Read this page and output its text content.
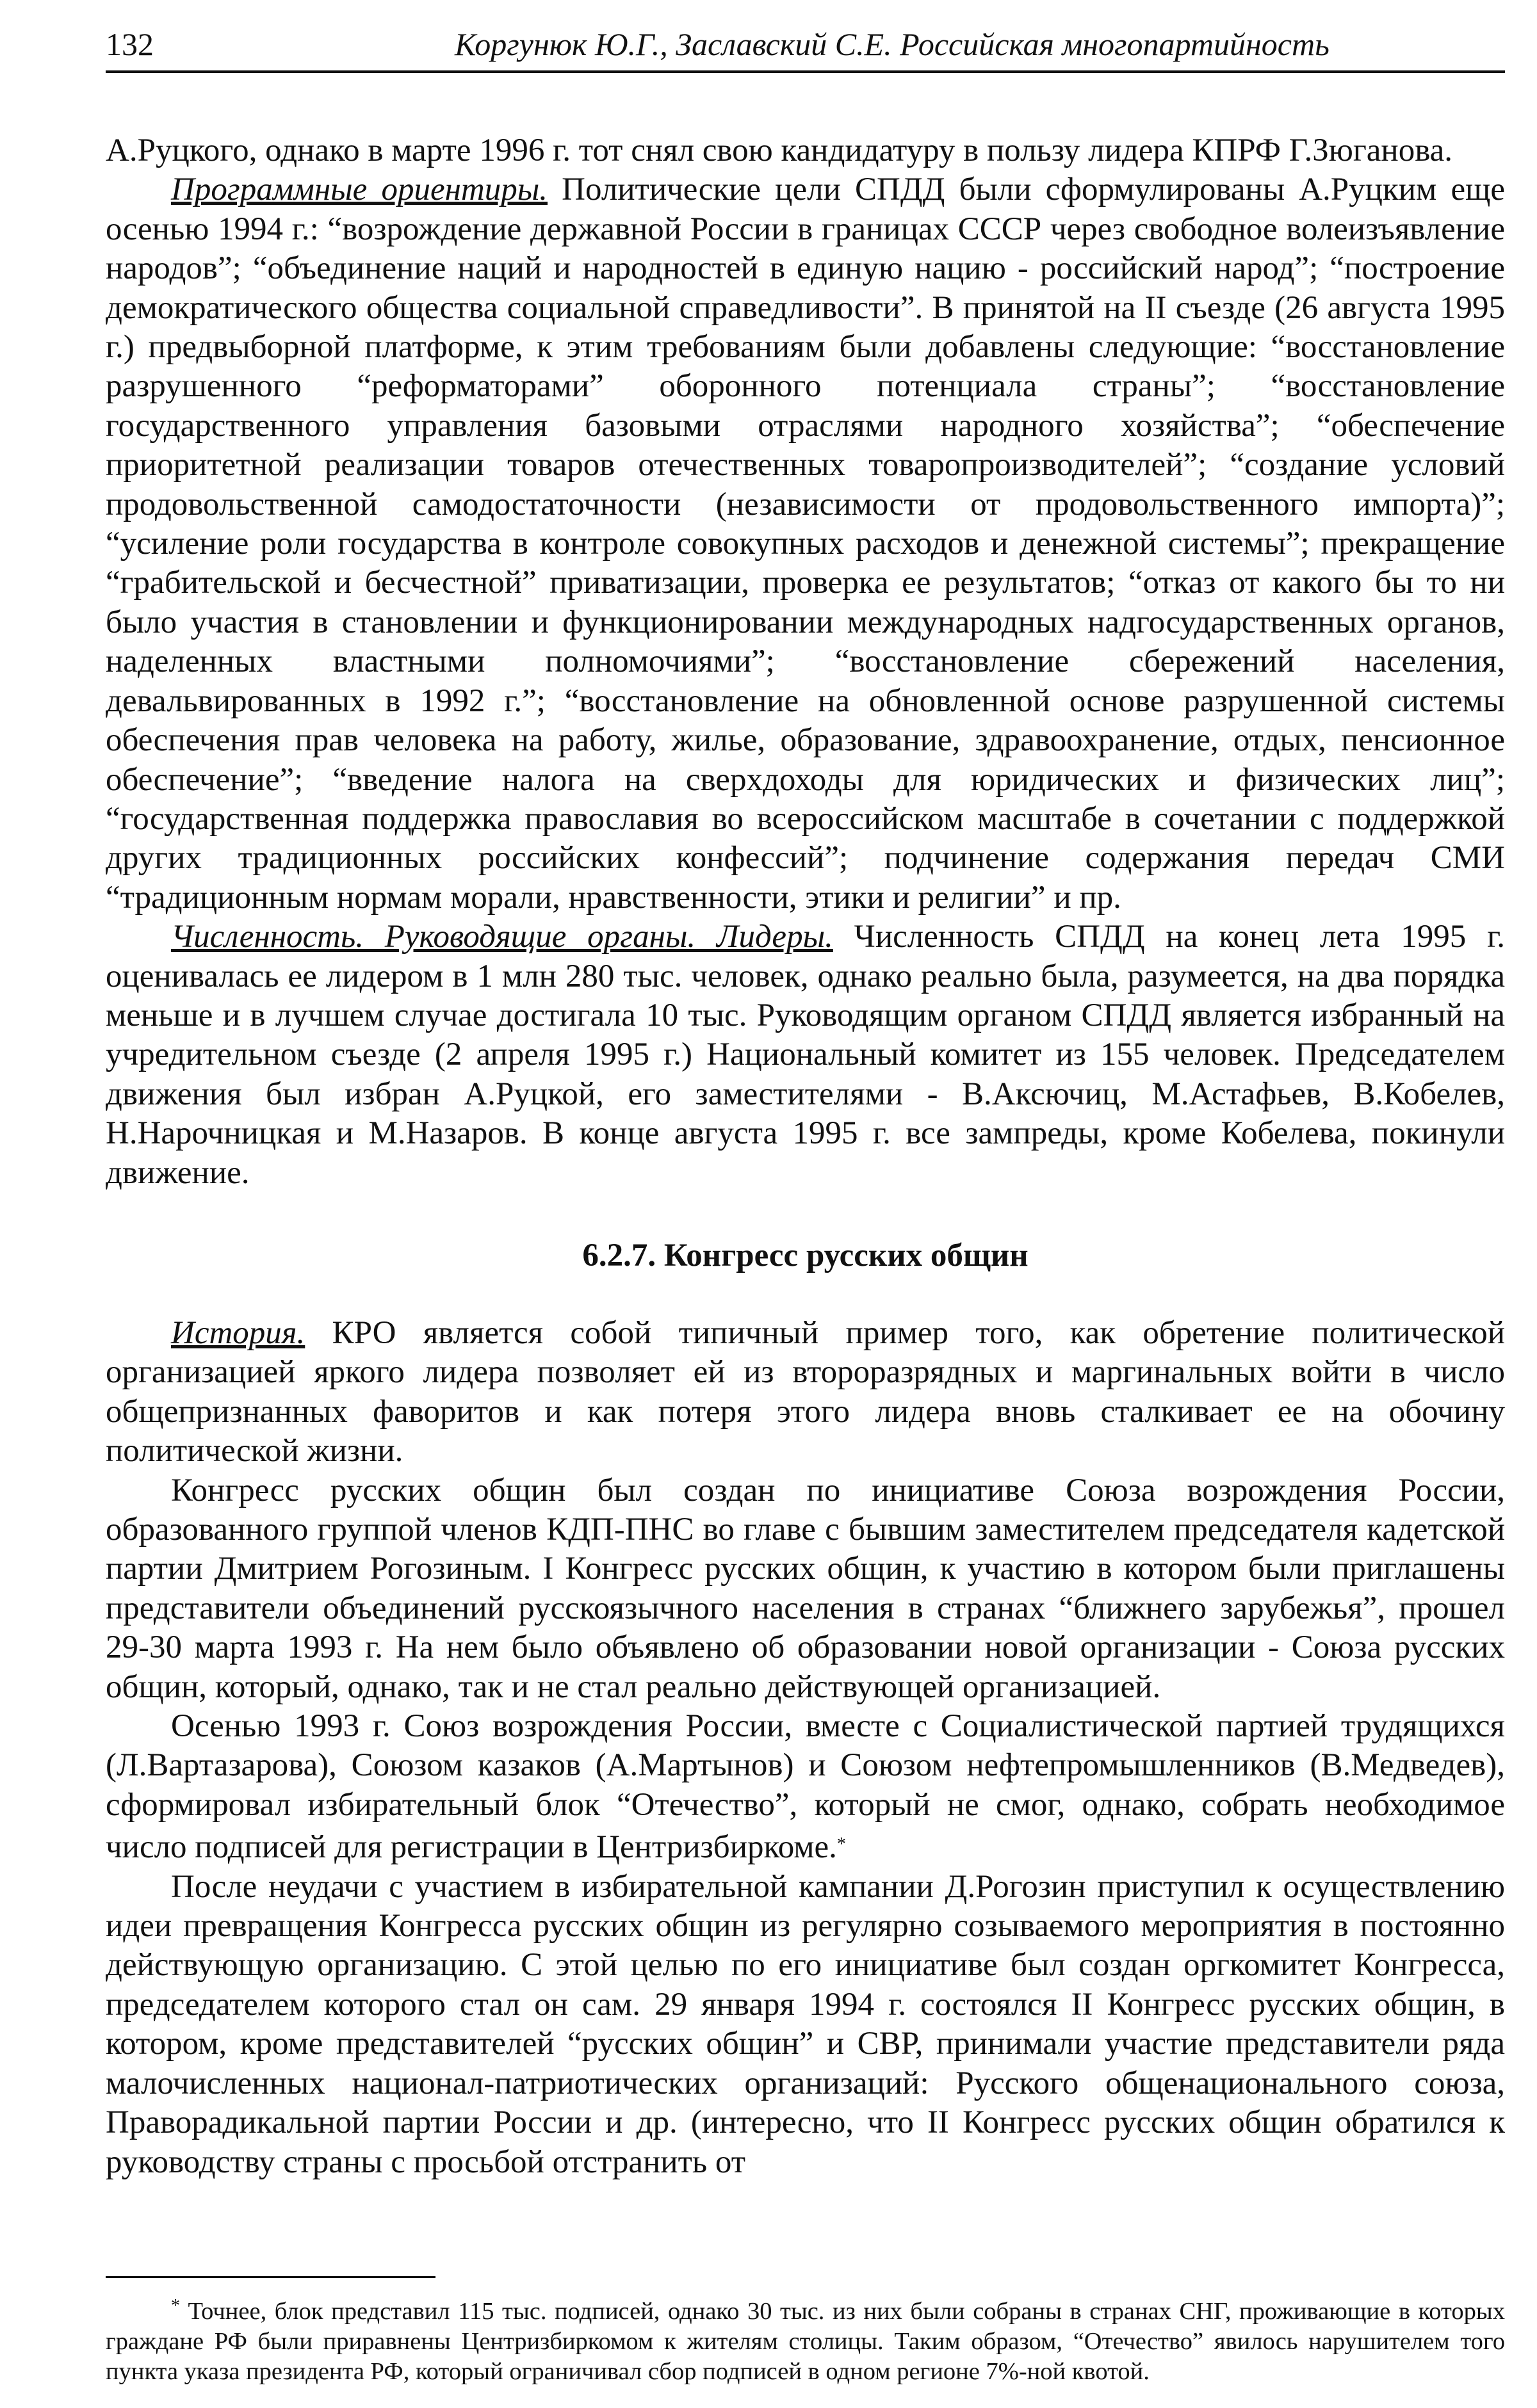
132	Коргунюк Ю.Г., Заславский С.Е. Российская многопартийность

А.Руцкого, однако в марте 1996 г. тот снял свою кандидатуру в пользу лидера КПРФ Г.Зюганова.

Программные ориентиры. Политические цели СПДД были сформулированы А.Руцким еще осенью 1994 г.: “возрождение державной России в границах СССР через свободное волеизъявление народов”; “объединение наций и народностей в единую нацию - российский народ”; “построение демократического общества социальной справедливости”. В принятой на II съезде (26 августа 1995 г.) предвыборной платформе, к этим требованиям были добавлены следующие: “восстановление разрушенного “реформаторами” оборонного потенциала страны”; “восстановление государственного управления базовыми отраслями народного хозяйства”; “обеспечение приоритетной реализации товаров отечественных товаропроизводителей”; “создание условий продовольственной самодостаточности (независимости от продовольственного импорта)”; “усиление роли государства в контроле совокупных расходов и денежной системы”; прекращение “грабительской и бесчестной” приватизации, проверка ее результатов; “отказ от какого бы то ни было участия в становлении и функционировании международных надгосударственных органов, наделенных властными полномочиями”; “восстановление сбережений населения, девальвированных в 1992 г.”; “восстановление на обновленной основе разрушенной системы обеспечения прав человека на работу, жилье, образование, здравоохранение, отдых, пенсионное обеспечение”; “введение налога на сверхдоходы для юридических и физических лиц”; “государственная поддержка православия во всероссийском масштабе в сочетании с поддержкой других традиционных российских конфессий”; подчинение содержания передач СМИ “традиционным нормам морали, нравственности, этики и религии” и пр.

Численность. Руководящие органы. Лидеры. Численность СПДД на конец лета 1995 г. оценивалась ее лидером в 1 млн 280 тыс. человек, однако реально была, разумеется, на два порядка меньше и в лучшем случае достигала 10 тыс. Руководящим органом СПДД является избранный на учредительном съезде (2 апреля 1995 г.) Национальный комитет из 155 человек. Председателем движения был избран А.Руцкой, его заместителями - В.Аксючиц, М.Астафьев, В.Кобелев, Н.Нарочницкая и М.Назаров. В конце августа 1995 г. все зампреды, кроме Кобелева, покинули движение.

6.2.7. Конгресс русских общин

История. КРО является собой типичный пример того, как обретение политической организацией яркого лидера позволяет ей из второразрядных и маргинальных войти в число общепризнанных фаворитов и как потеря этого лидера вновь сталкивает ее на обочину политической жизни.

Конгресс русских общин был создан по инициативе Союза возрождения России, образованного группой членов КДП-ПНС во главе с бывшим заместителем председателя кадетской партии Дмитрием Рогозиным. I Конгресс русских общин, к участию в котором были приглашены представители объединений русскоязычного населения в странах “ближнего зарубежья”, прошел 29-30 марта 1993 г. На нем было объявлено об образовании новой организации - Союза русских общин, который, однако, так и не стал реально действующей организацией.

Осенью 1993 г. Союз возрождения России, вместе с Социалистической партией трудящихся (Л.Вартазарова), Союзом казаков (А.Мартынов) и Союзом нефтепромышленников (В.Медведев), сформировал избирательный блок “Отечество”, который не смог, однако, собрать необходимое число подписей для регистрации в Центризбиркоме.*

После неудачи с участием в избирательной кампании Д.Рогозин приступил к осуществлению идеи превращения Конгресса русских общин из регулярно созываемого мероприятия в постоянно действующую организацию. С этой целью по его инициативе был создан оргкомитет Конгресса, председателем которого стал он сам. 29 января 1994 г. состоялся II Конгресс русских общин, в котором, кроме представителей “русских общин” и СВР, принимали участие представители ряда малочисленных национал-патриотических организаций: Русского общенационального союза, Праворадикальной партии России и др. (интересно, что II Конгресс русских общин обратился к руководству страны с просьбой отстранить от

* Точнее, блок представил 115 тыс. подписей, однако 30 тыс. из них были собраны в странах СНГ, проживающие в которых граждане РФ были приравнены Центризбиркомом к жителям столицы. Таким образом, “Отечество” явилось нарушителем того пункта указа президента РФ, который ограничивал сбор подписей в одном регионе 7%-ной квотой.
